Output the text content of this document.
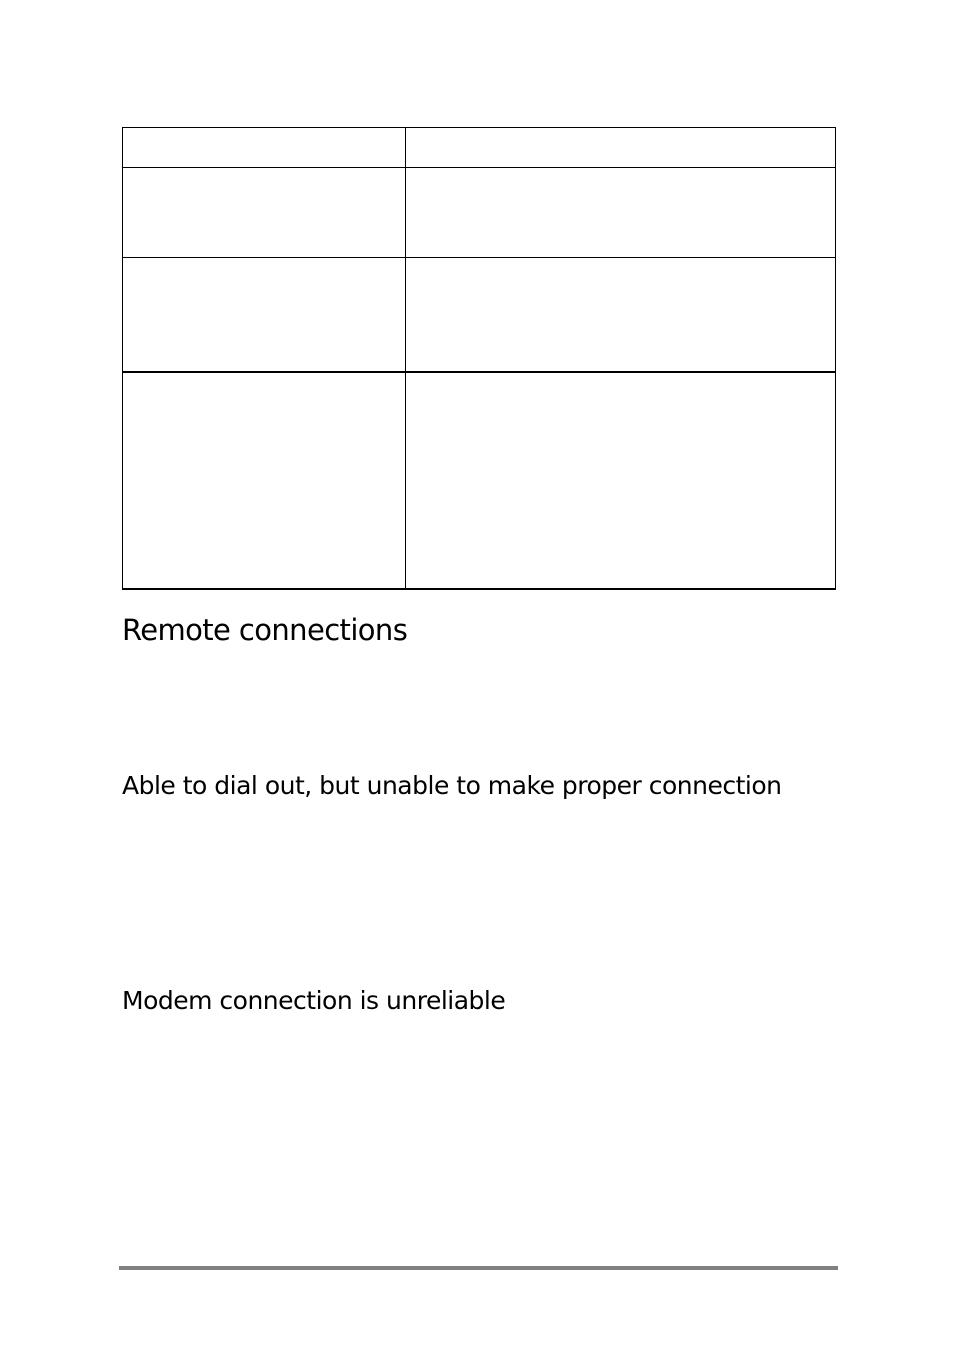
Remote connections
Able to dial out, but unable to make proper connection
Modem connection is unreliable
